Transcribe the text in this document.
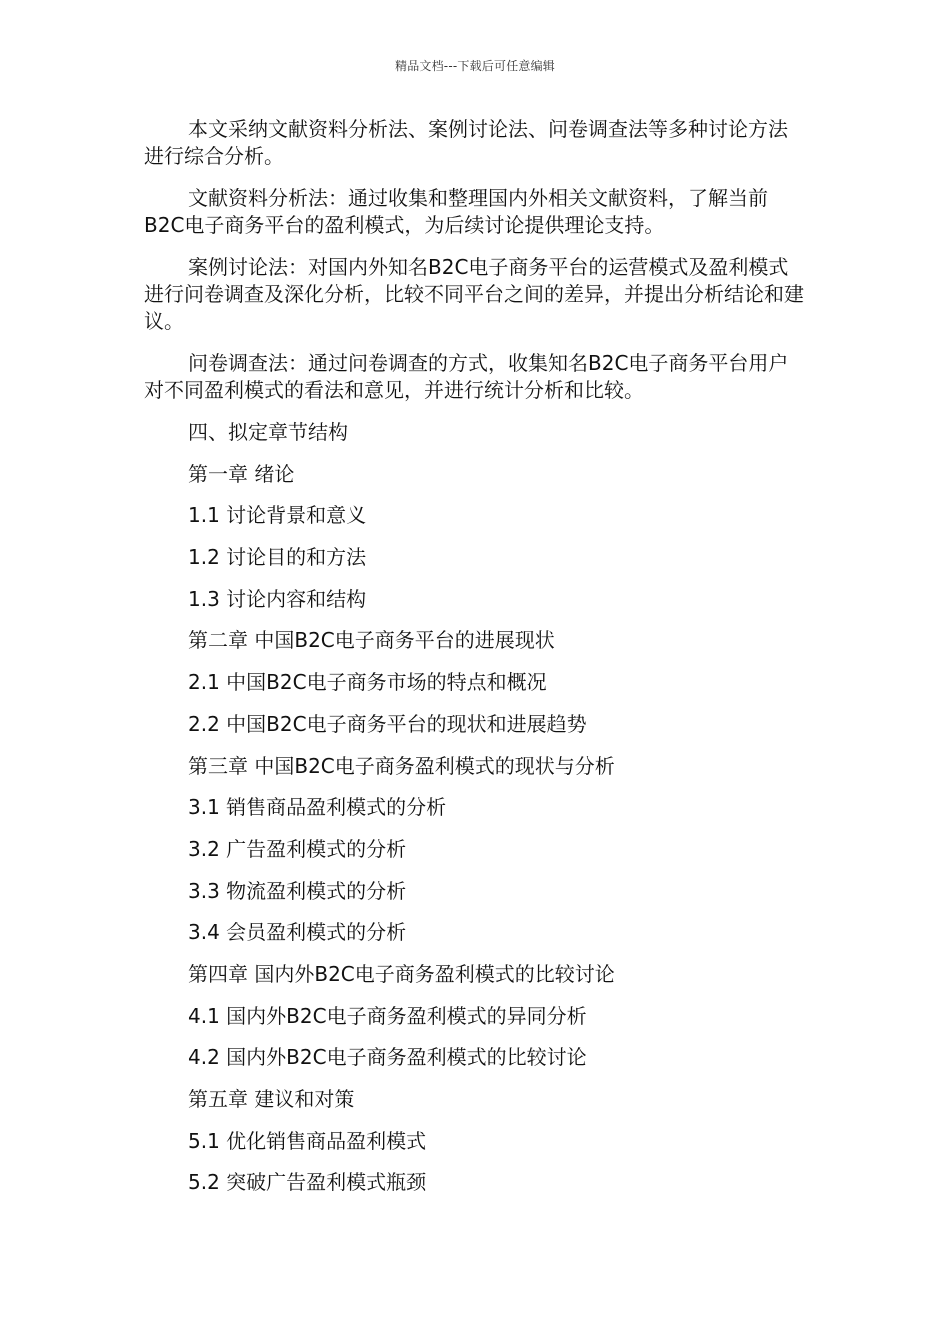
精品文档---下载后可任意编辑

本文采纳文献资料分析法、案例讨论法、问卷调查法等多种讨论方法进行综合分析。

文献资料分析法：通过收集和整理国内外相关文献资料，了解当前B2C电子商务平台的盈利模式，为后续讨论提供理论支持。

案例讨论法：对国内外知名B2C电子商务平台的运营模式及盈利模式进行问卷调查及深化分析，比较不同平台之间的差异，并提出分析结论和建议。

问卷调查法：通过问卷调查的方式，收集知名B2C电子商务平台用户对不同盈利模式的看法和意见，并进行统计分析和比较。

四、拟定章节结构
第一章 绪论
1.1 讨论背景和意义
1.2 讨论目的和方法
1.3 讨论内容和结构
第二章 中国B2C电子商务平台的进展现状
2.1 中国B2C电子商务市场的特点和概况
2.2 中国B2C电子商务平台的现状和进展趋势
第三章 中国B2C电子商务盈利模式的现状与分析
3.1 销售商品盈利模式的分析
3.2 广告盈利模式的分析
3.3 物流盈利模式的分析
3.4 会员盈利模式的分析
第四章 国内外B2C电子商务盈利模式的比较讨论
4.1 国内外B2C电子商务盈利模式的异同分析
4.2 国内外B2C电子商务盈利模式的比较讨论
第五章 建议和对策
5.1 优化销售商品盈利模式
5.2 突破广告盈利模式瓶颈
